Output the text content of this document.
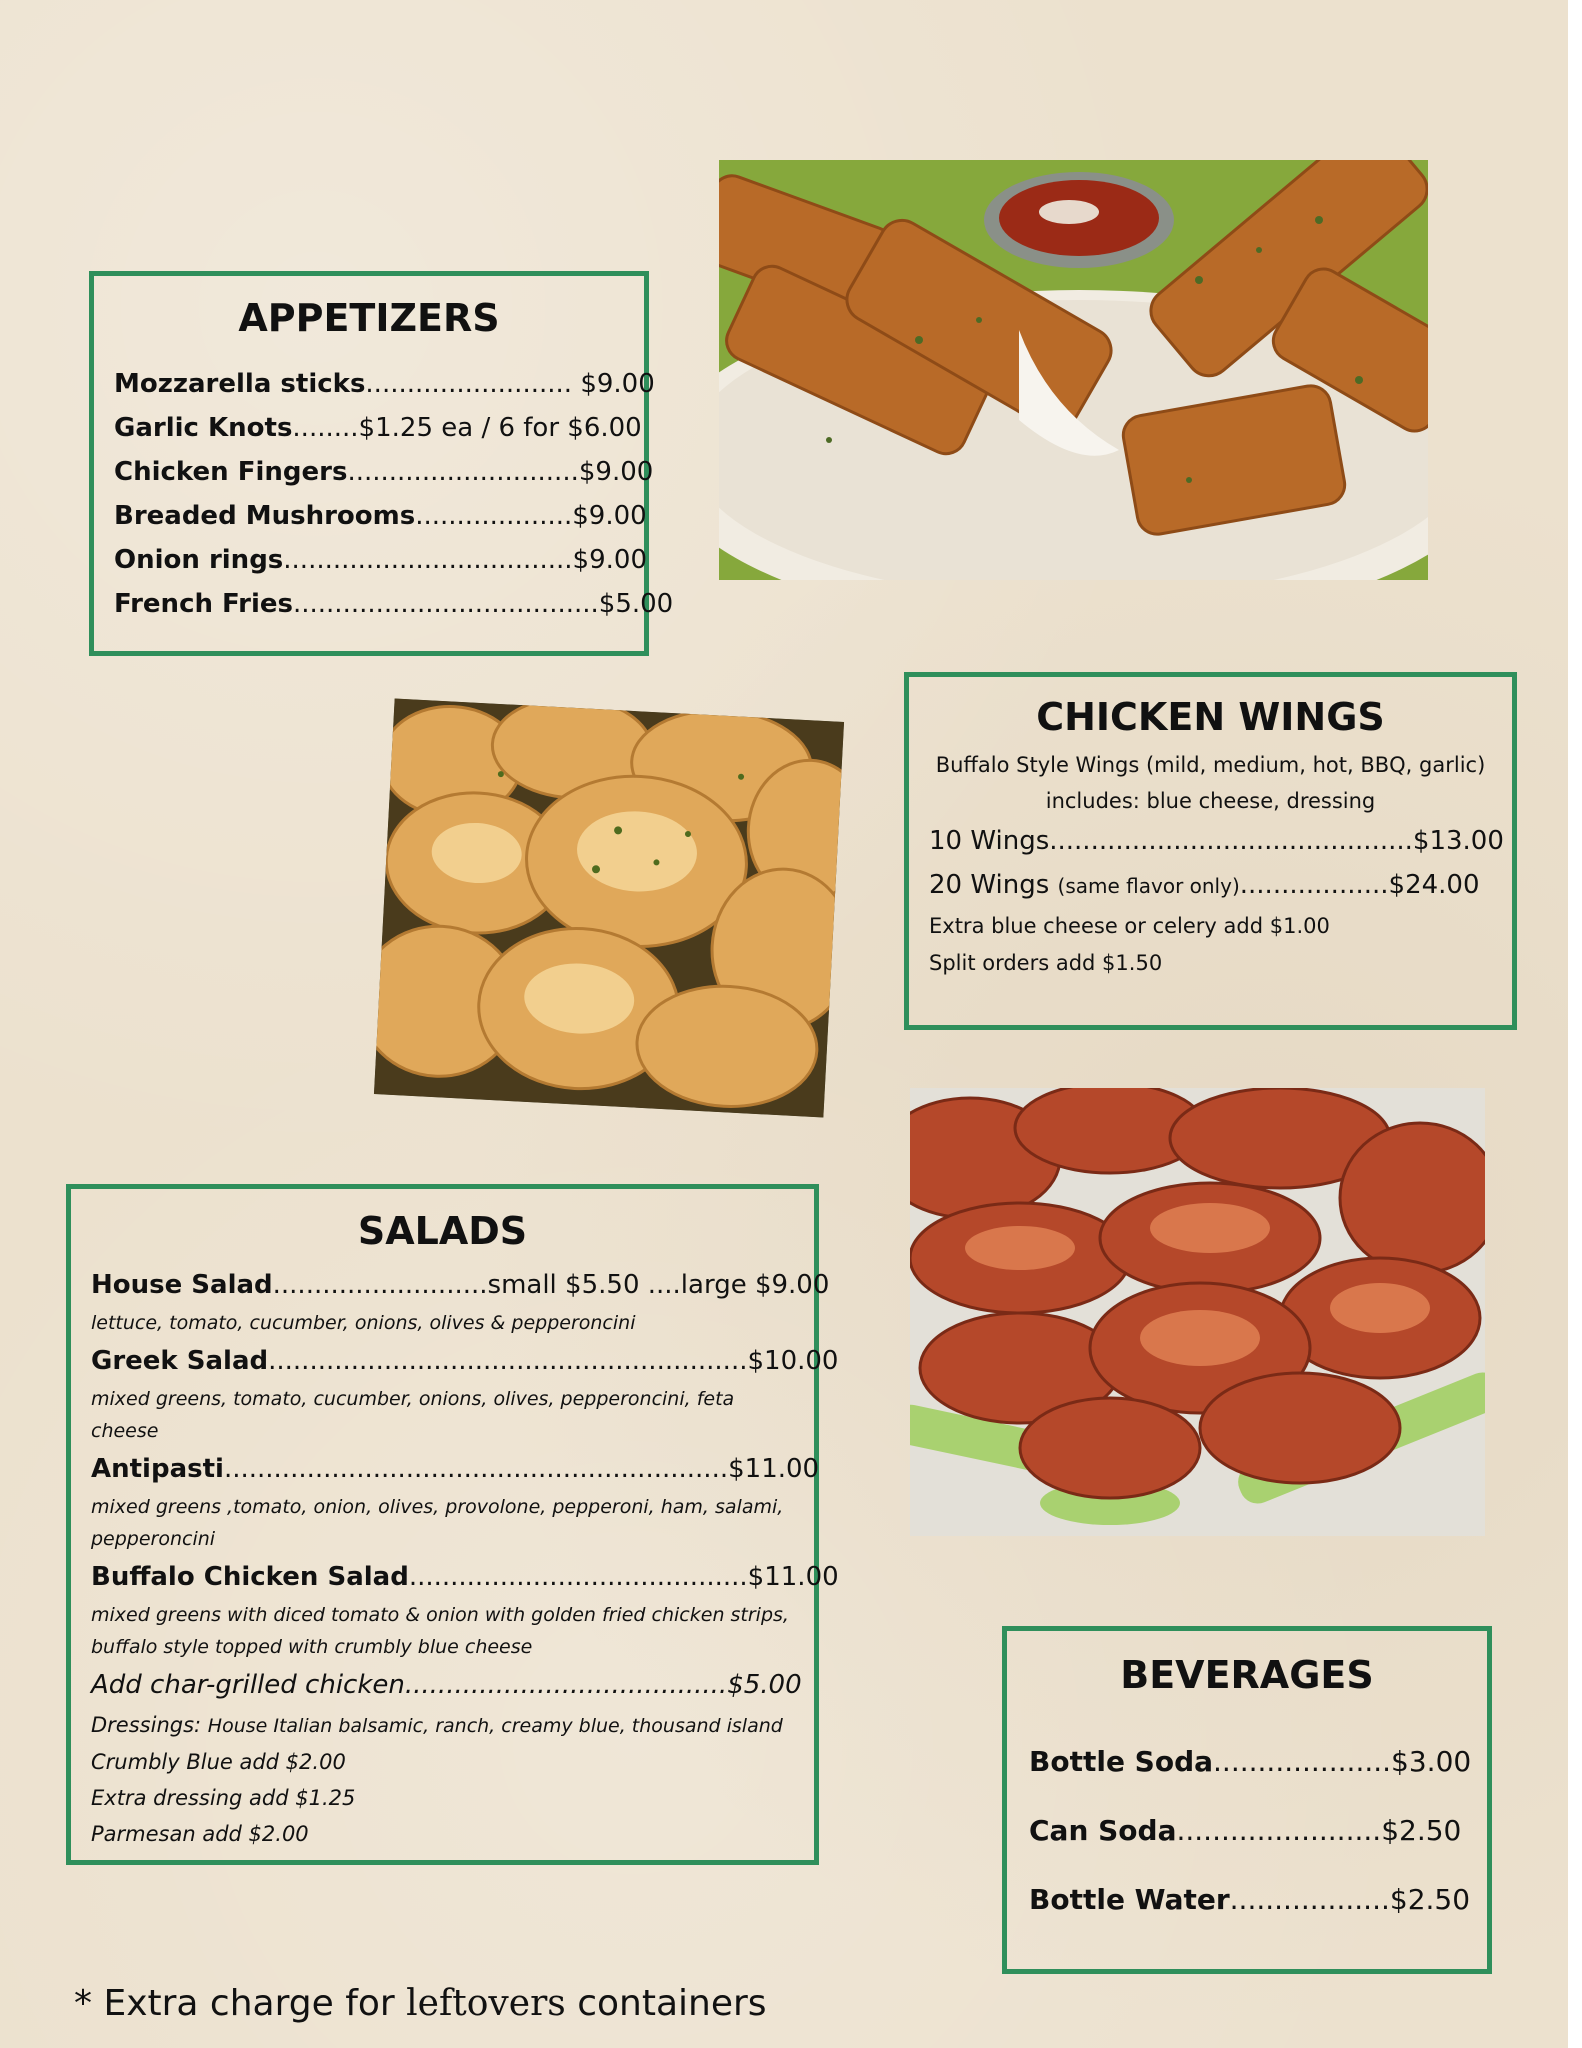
APPETIZERS
Mozzarella sticks......................... $9.00
Garlic Knots........$1.25 ea / 6 for $6.00
Chicken Fingers............................$9.00
Breaded Mushrooms...................$9.00
Onion rings...................................$9.00
French Fries.....................................$5.00
CHICKEN WINGS
Buffalo Style Wings (mild, medium, hot, BBQ, garlic)
includes: blue cheese, dressing
10 Wings............................................$13.00
20 Wings (same flavor only)..................$24.00
Extra blue cheese or celery add $1.00
Split orders add $1.50
SALADS
House Salad..........................small $5.50 ....large $9.00
lettuce, tomato, cucumber, onions, olives & pepperoncini
Greek Salad..........................................................$10.00
mixed greens, tomato, cucumber, onions, olives, pepperoncini, feta cheese
Antipasti.............................................................$11.00
mixed greens ,tomato, onion, olives, provolone, pepperoni, ham, salami, pepperoncini
Buffalo Chicken Salad.........................................$11.00
mixed greens with diced tomato & onion with golden fried chicken strips, buffalo style topped with crumbly blue cheese
Add char-grilled chicken.......................................$5.00
Dressings: House Italian balsamic, ranch, creamy blue, thousand island
Crumbly Blue add $2.00
Extra dressing add $1.25
Parmesan add $2.00
BEVERAGES
Bottle Soda....................$3.00
Can Soda.......................$2.50
Bottle Water..................$2.50
* Extra charge for leftovers containers
